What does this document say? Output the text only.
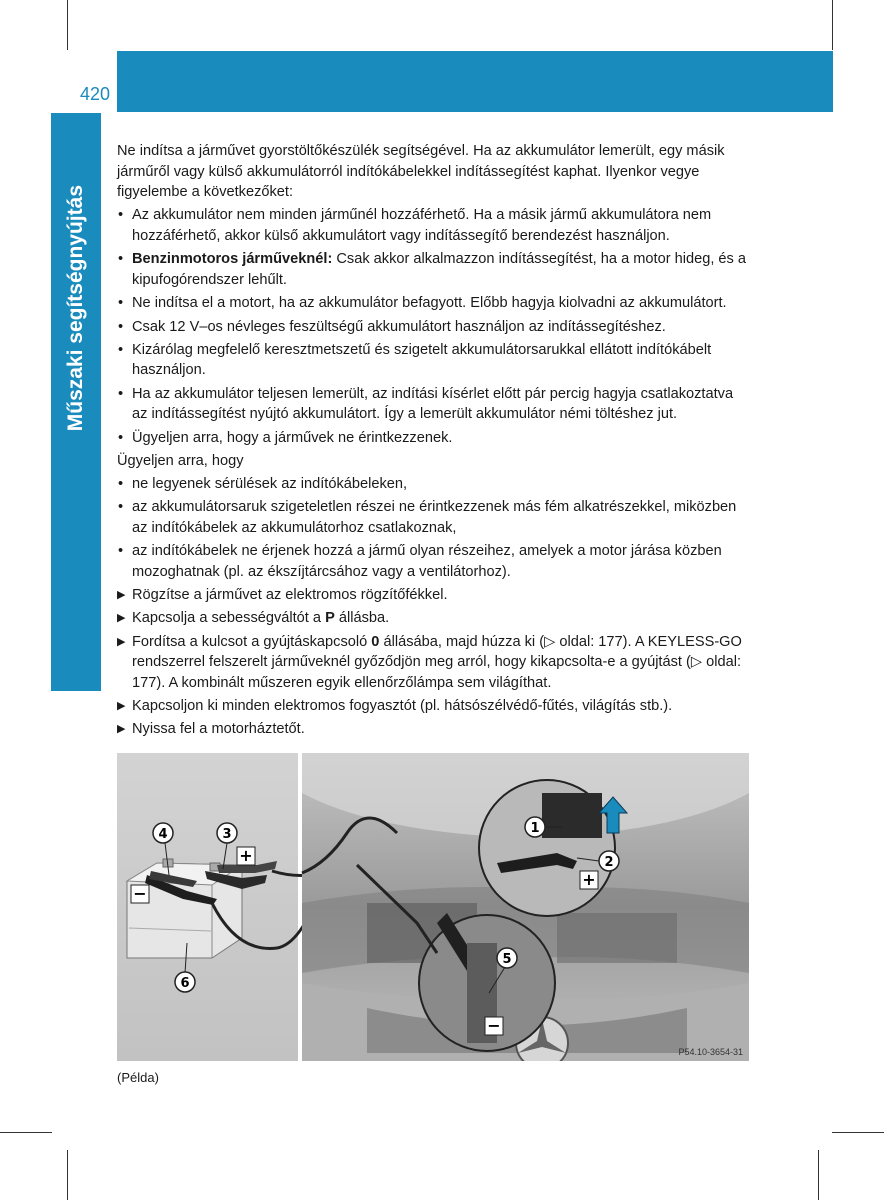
420 Indítássegítés
Műszaki segítségnyújtás

Ne indítsa a járművet gyorstöltőkészülék segítségével. Ha az akkumulátor lemerült, egy másik járműről vagy külső akkumulátorról indítókábelekkel indítássegítést kaphat. Ilyenkor vegye figyelembe a következőket:

• Az akkumulátor nem minden járműnél hozzáférhető. Ha a másik jármű akkumulátora nem hozzáférhető, akkor külső akkumulátort vagy indítássegítő berendezést használjon.
• Benzinmotoros járműveknél: Csak akkor alkalmazzon indítássegítést, ha a motor hideg, és a kipufogórendszer lehűlt.
• Ne indítsa el a motort, ha az akkumulátor befagyott. Előbb hagyja kiolvadni az akkumulátort.
• Csak 12 V–os névleges feszültségű akkumulátort használjon az indítássegítéshez.
• Kizárólag megfelelő keresztmetszetű és szigetelt akkumulátorsarukkal ellátott indítókábelt használjon.
• Ha az akkumulátor teljesen lemerült, az indítási kísérlet előtt pár percig hagyja csatlakoztatva az indítássegítést nyújtó akkumulátort. Így a lemerült akkumulátor némi töltéshez jut.
• Ügyeljen arra, hogy a járművek ne érintkezzenek.

Ügyeljen arra, hogy

• ne legyenek sérülések az indítókábeleken,
• az akkumulátorsaruk szigeteletlen részei ne érintkezzenek más fém alkatrészekkel, miközben az indítókábelek az akkumulátorhoz csatlakoznak,
• az indítókábelek ne érjenek hozzá a jármű olyan részeihez, amelyek a motor járása közben mozoghatnak (pl. az ékszíjtárcsához vagy a ventilátorhoz).
▶ Rögzítse a járművet az elektromos rögzítőfékkel.
▶ Kapcsolja a sebességváltót a P állásba.
▶ Fordítsa a kulcsot a gyújtáskapcsoló 0 állásába, majd húzza ki (▷ oldal: 177). A KEYLESS-GO rendszerrel felszerelt járműveknél győződjön meg arról, hogy kikapcsolta-e a gyújtást (▷ oldal: 177). A kombinált műszeren egyik ellenőrzőlámpa sem világíthat.
▶ Kapcsoljon ki minden elektromos fogyasztót (pl. hátsószélvédő-fűtés, világítás stb.).
▶ Nyissa fel a motorháztetőt.
4	3
6
+
−
1
2
5
+
−
P54.10-3654-31
(Példa)
